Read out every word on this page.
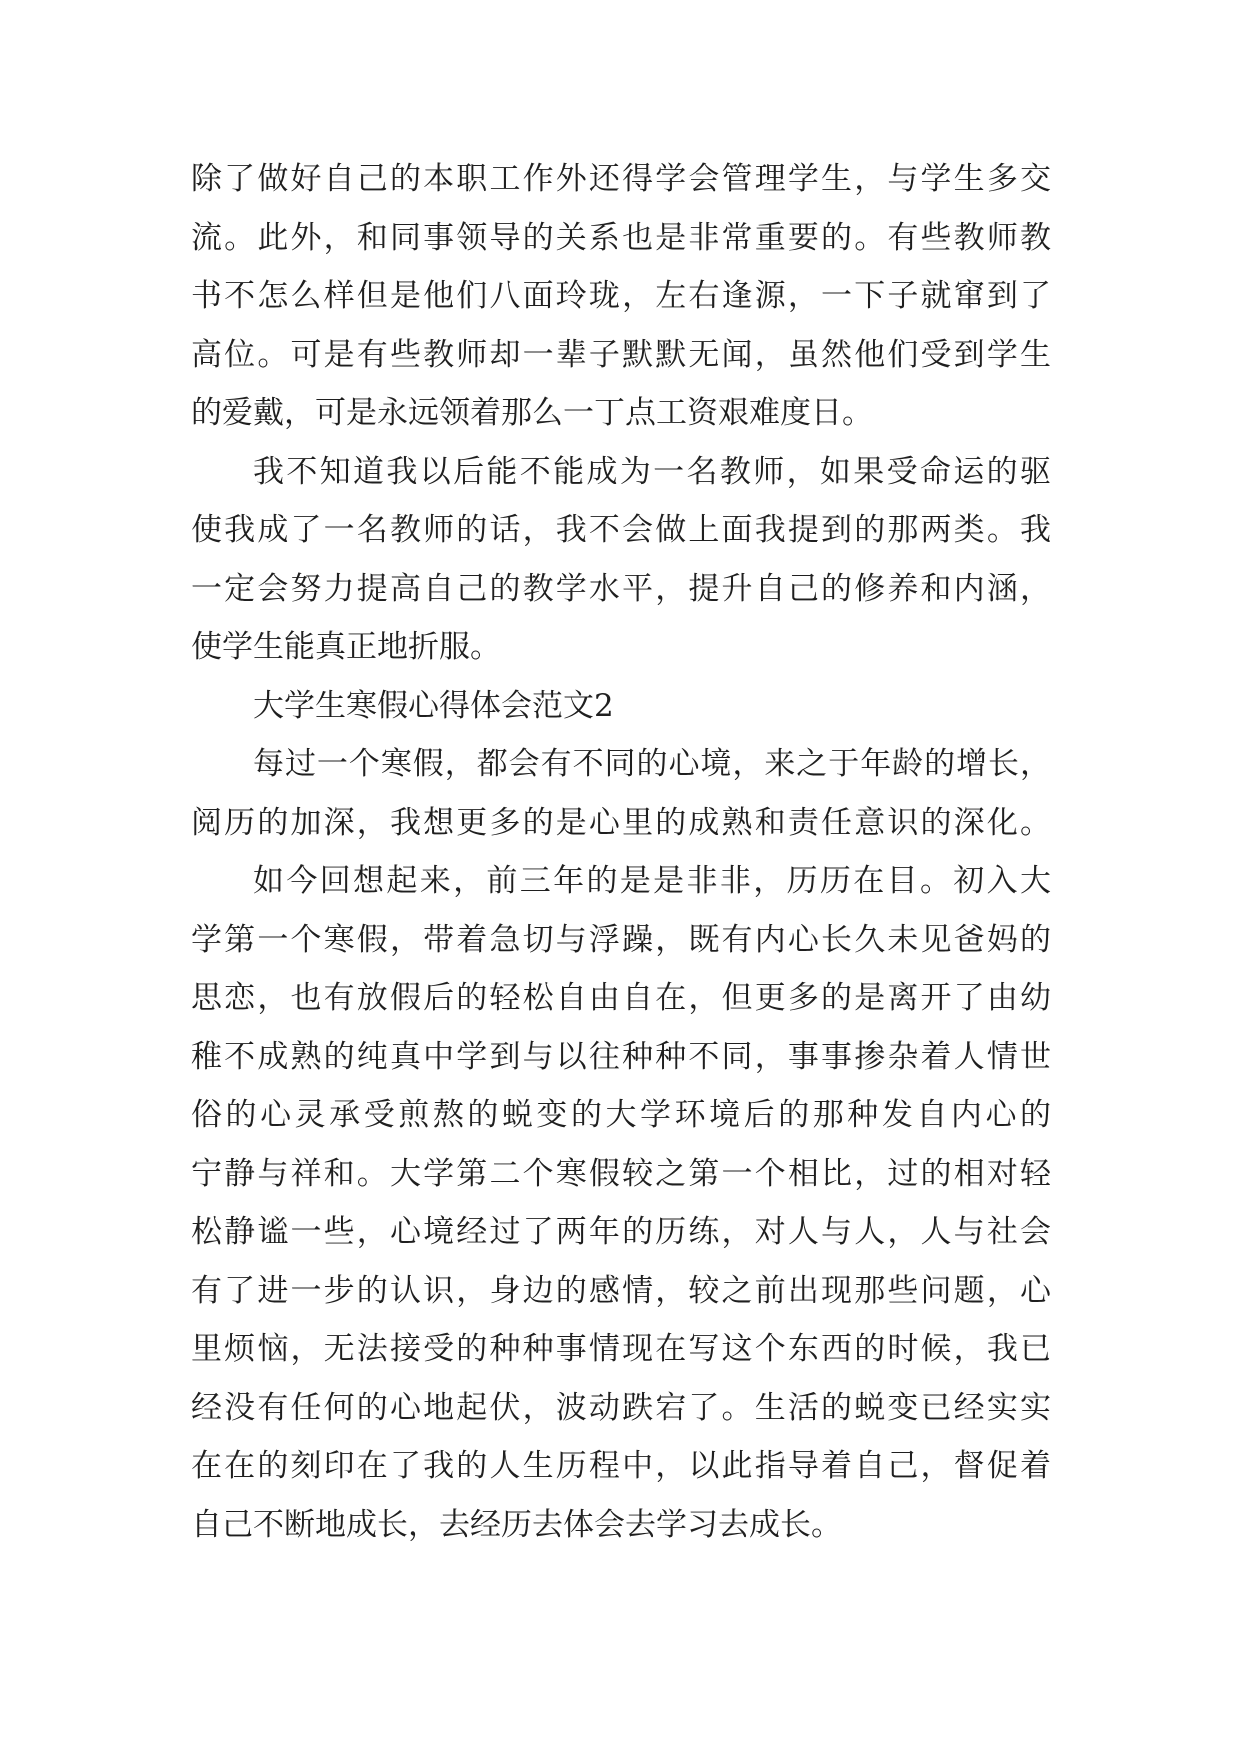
除了做好自己的本职工作外还得学会管理学生，与学生多交

流。此外，和同事领导的关系也是非常重要的。有些教师教

书不怎么样但是他们八面玲珑，左右逢源，一下子就窜到了

高位。可是有些教师却一辈子默默无闻，虽然他们受到学生

的爱戴，可是永远领着那么一丁点工资艰难度日。

我不知道我以后能不能成为一名教师，如果受命运的驱

使我成了一名教师的话，我不会做上面我提到的那两类。我

一定会努力提高自己的教学水平，提升自己的修养和内涵，

使学生能真正地折服。

大学生寒假心得体会范文2

每过一个寒假，都会有不同的心境，来之于年龄的增长，

阅历的加深，我想更多的是心里的成熟和责任意识的深化。

如今回想起来，前三年的是是非非，历历在目。初入大

学第一个寒假，带着急切与浮躁，既有内心长久未见爸妈的

思恋，也有放假后的轻松自由自在，但更多的是离开了由幼

稚不成熟的纯真中学到与以往种种不同，事事掺杂着人情世

俗的心灵承受煎熬的蜕变的大学环境后的那种发自内心的

宁静与祥和。大学第二个寒假较之第一个相比，过的相对轻

松静谧一些，心境经过了两年的历练，对人与人，人与社会

有了进一步的认识，身边的感情，较之前出现那些问题，心

里烦恼，无法接受的种种事情现在写这个东西的时候，我已

经没有任何的心地起伏，波动跌宕了。生活的蜕变已经实实

在在的刻印在了我的人生历程中，以此指导着自己，督促着

自己不断地成长，去经历去体会去学习去成长。
